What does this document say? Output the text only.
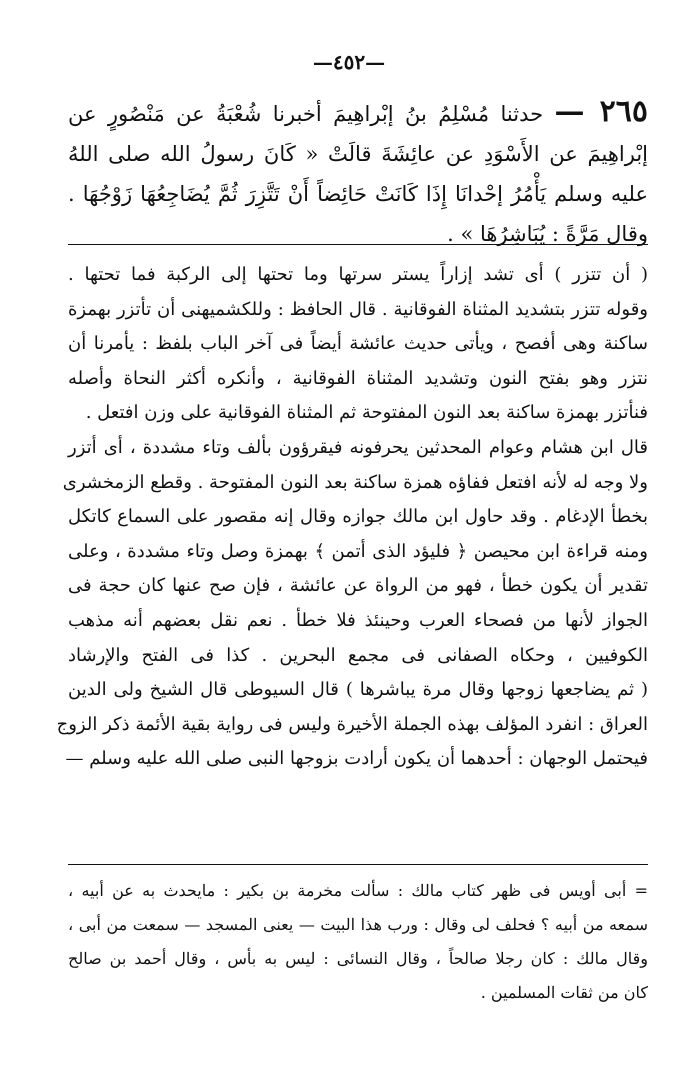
—٤٥٢—
٢٦٥ — حدثنا مُسْلِمُ بنُ إبْراهِيمَ أخبرنا شُعْبَةُ عن مَنْصُورٍ عن إبْراهِيمَ عن الأَسْوَدِ عن عائِشَةَ قالَتْ « كَانَ رسولُ الله صلى اللهُ عليه وسلم يَأْمُرُ إحْدانَا إِذَا كَانَتْ حَائِضاً أَنْ تَتَّزِرَ ثُمَّ يُضَاجِعُهَا زَوْجُهَا . وقال مَرَّةً : يُبَاشِرُهَا » .

( أن تتزر ) أى تشد إزاراً يستر سرتها وما تحتها إلى الركبة فما تحتها .

وقوله تتزر بتشديد المثناة الفوقانية . قال الحافظ : وللكشميهنى أن تأتزر بهمزة

ساكنة وهى أفصح ، ويأتى حديث عائشة أيضاً فى آخر الباب بلفظ : يأمرنا أن

نتزر وهو بفتح النون وتشديد المثناة الفوقانية ، وأنكره أكثر النحاة وأصله

فنأتزر بهمزة ساكنة بعد النون المفتوحة ثم المثناة الفوقانية على وزن افتعل .

قال ابن هشام وعوام المحدثين يحرفونه فيقرؤون بألف وتاء مشددة ، أى أتزر

ولا وجه له لأنه افتعل ففاؤه همزة ساكنة بعد النون المفتوحة . وقطع الزمخشرى

بخطأ الإدغام . وقد حاول ابن مالك جوازه وقال إنه مقصور على السماع كاتكل

ومنه قراءة ابن محيصن ﴿ فليؤد الذى أتمن ﴾ بهمزة وصل وتاء مشددة ، وعلى

تقدير أن يكون خطأ ، فهو من الرواة عن عائشة ، فإن صح عنها كان حجة فى

الجواز لأنها من فصحاء العرب وحينئذ فلا خطأ . نعم نقل بعضهم أنه مذهب

الكوفيين ، وحكاه الصفانى فى مجمع البحرين . كذا فى الفتح والإرشاد

( ثم يضاجعها زوجها وقال مرة يباشرها ) قال السيوطى قال الشيخ ولى الدين

العراق : انفرد المؤلف بهذه الجملة الأخيرة وليس فى رواية بقية الأئمة ذكر الزوج

فيحتمل الوجهان : أحدهما أن يكون أرادت بزوجها النبى صلى الله عليه وسلم —

= أبى أويس فى ظهر كتاب مالك : سألت مخرمة بن بكير : مايحدث به عن أبيه ،

سمعه من أبيه ؟ فحلف لى وقال : ورب هذا البيت — يعنى المسجد — سمعت من أبى ،

وقال مالك : كان رجلا صالحاً ، وقال النسائى : ليس به بأس ، وقال أحمد بن صالح

كان من ثقات المسلمين .
